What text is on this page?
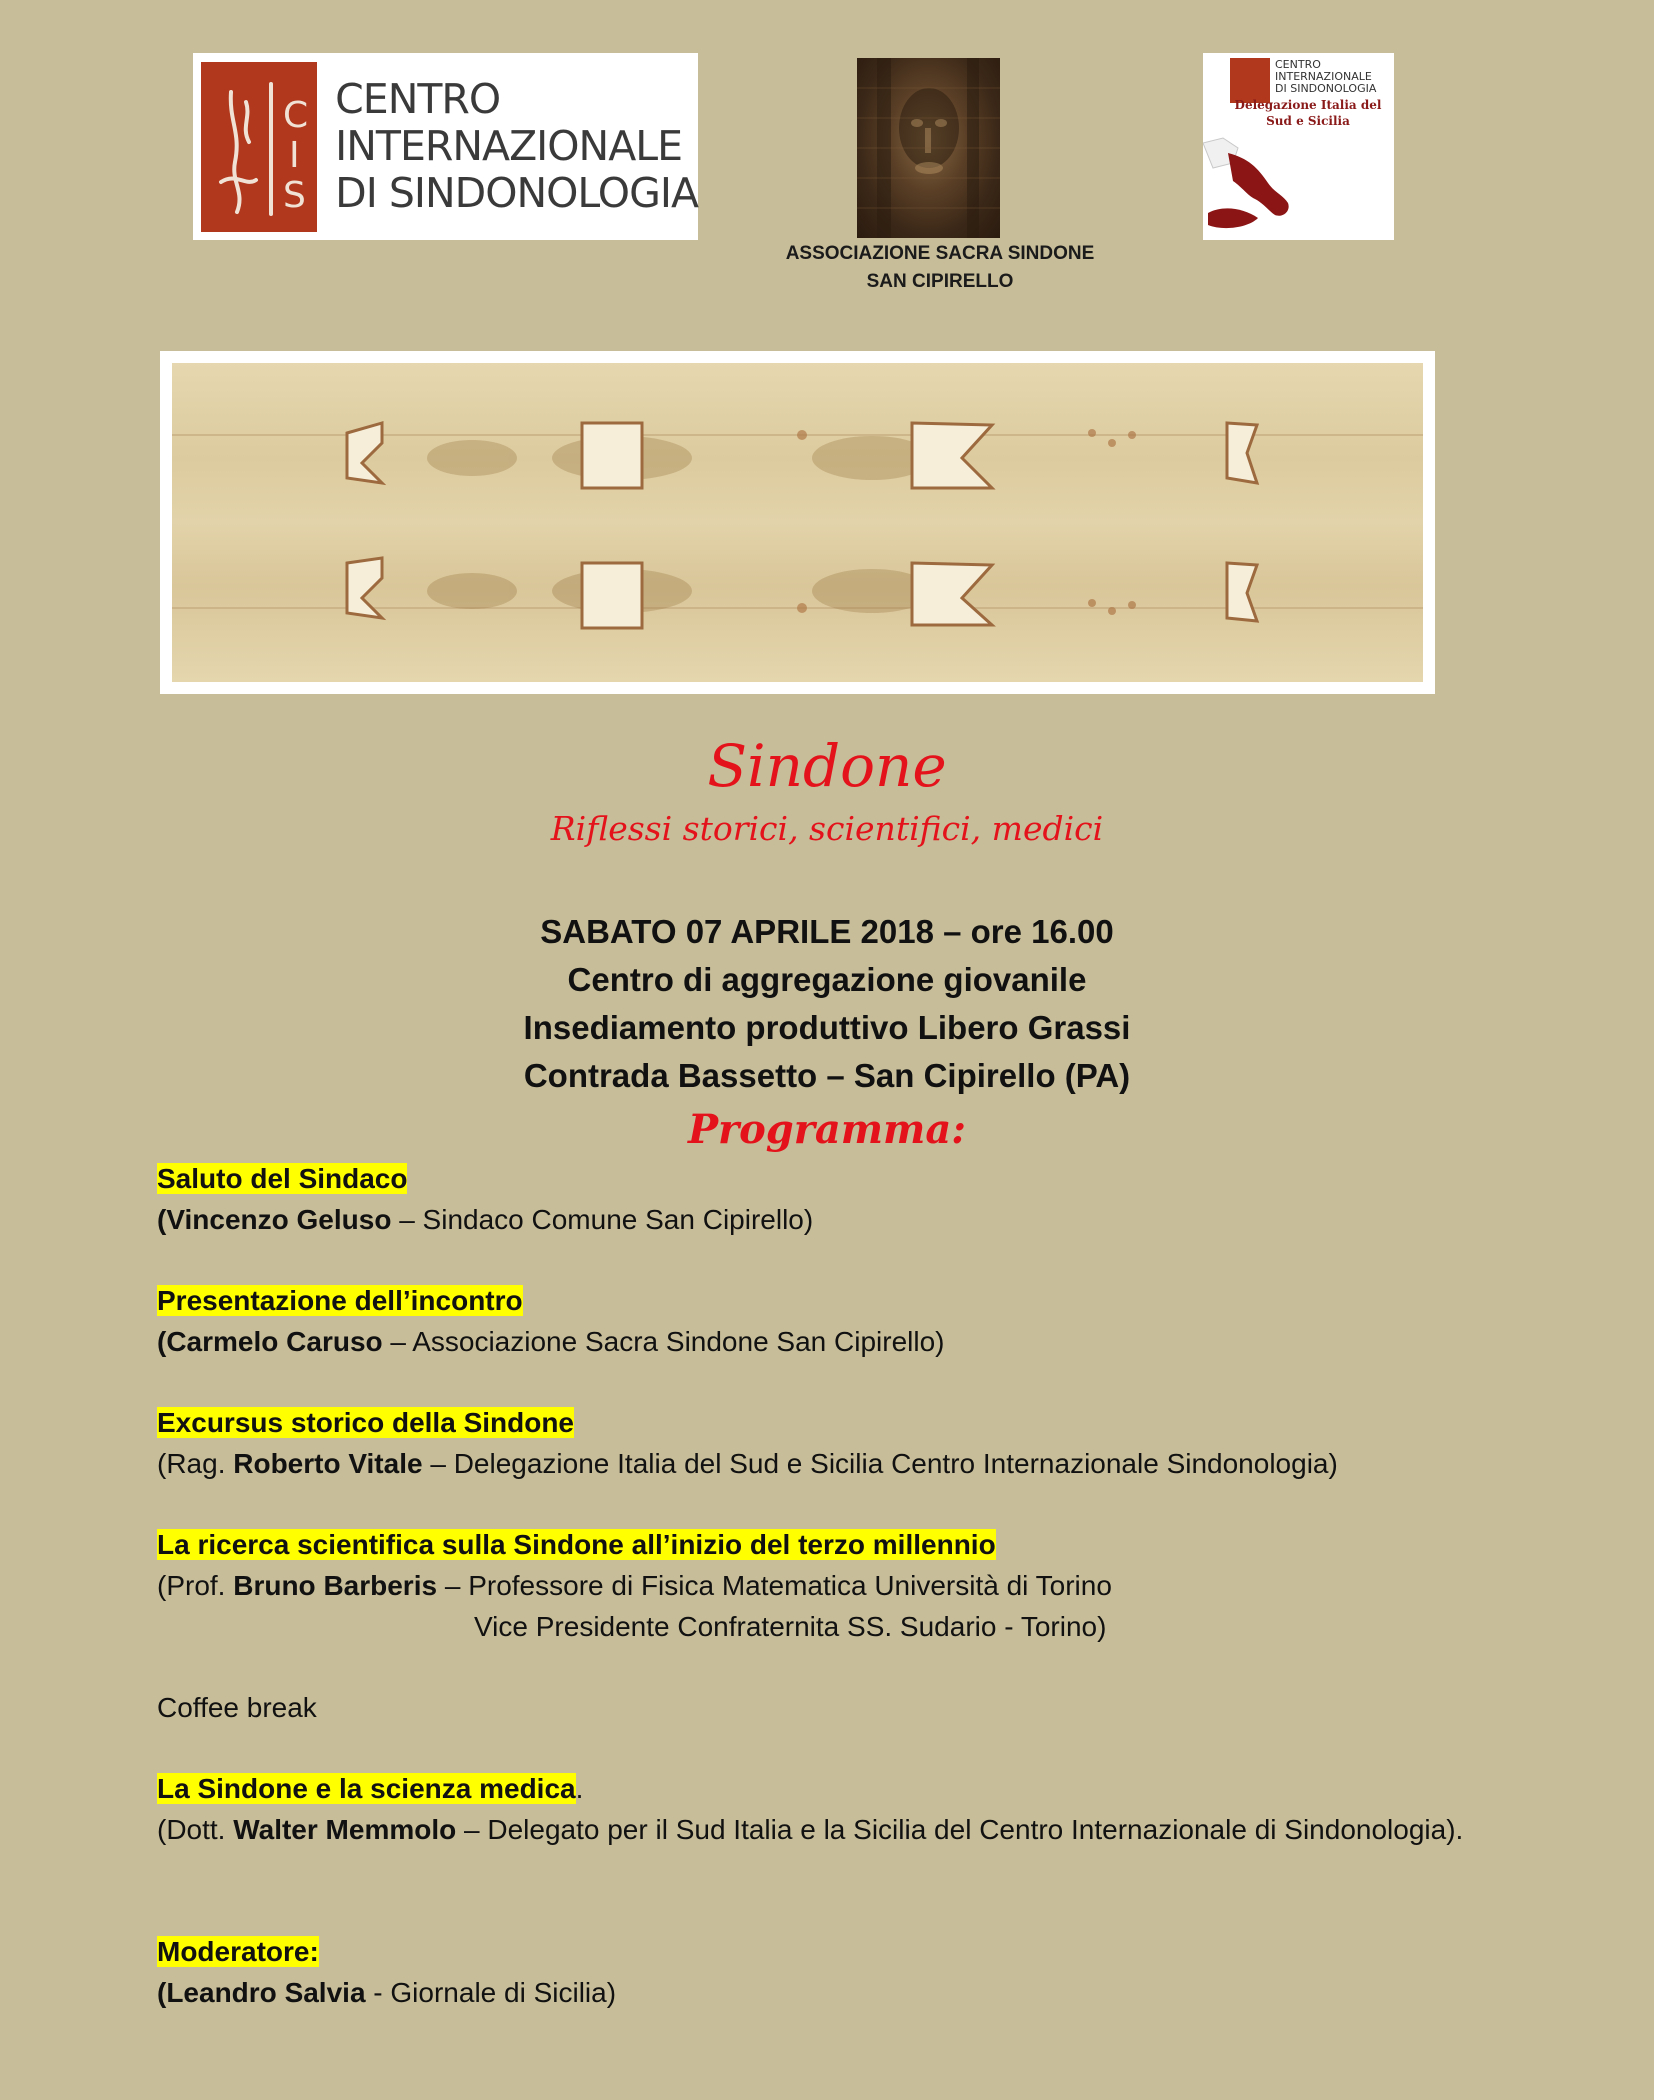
C
I
S
CENTRO
INTERNAZIONALE
DI SINDONOLOGIA
ASSOCIAZIONE SACRA SINDONE
SAN CIPIRELLO
CENTRO
INTERNAZIONALE
DI SINDONOLOGIA
Delegazione Italia del Sud e Sicilia
Sindone
Riflessi storici, scientifici, medici
SABATO 07 APRILE 2018 – ore 16.00
Centro di aggregazione giovanile
Insediamento produttivo Libero Grassi
Contrada Bassetto – San Cipirello (PA)
Programma:
Saluto del Sindaco
(Vincenzo Geluso – Sindaco Comune San Cipirello)
Presentazione dell’incontro
(Carmelo Caruso – Associazione Sacra Sindone San Cipirello)
Excursus storico della Sindone
(Rag. Roberto Vitale – Delegazione Italia del Sud e Sicilia Centro Internazionale Sindonologia)
La ricerca scientifica sulla Sindone all’inizio del terzo millennio
(Prof. Bruno Barberis – Professore di Fisica Matematica Università di Torino
Vice Presidente Confraternita SS. Sudario - Torino)
Coffee break
La Sindone e la scienza medica.
(Dott. Walter Memmolo – Delegato per il Sud Italia e la Sicilia del Centro Internazionale di Sindonologia).
Moderatore:
(Leandro Salvia - Giornale di Sicilia)
